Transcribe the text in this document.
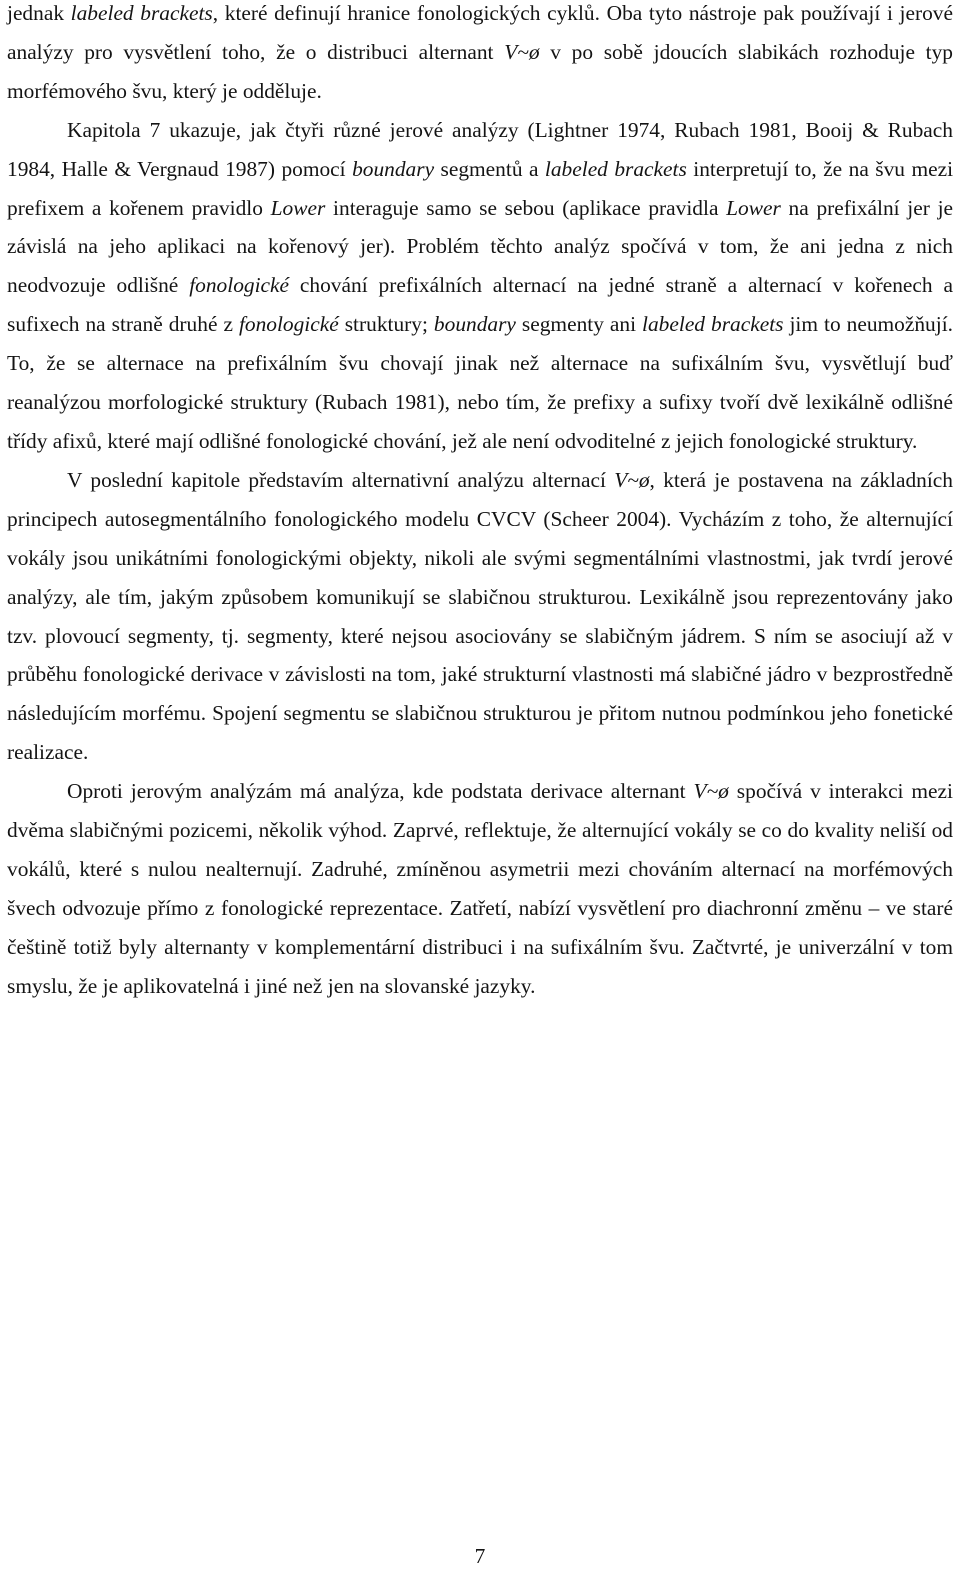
jednak labeled brackets, které definují hranice fonologických cyklů. Oba tyto nástroje pak používají i jerové analýzy pro vysvětlení toho, že o distribuci alternant V~ø v po sobě jdoucích slabikách rozhoduje typ morfémového švu, který je odděluje.

Kapitola 7 ukazuje, jak čtyři různé jerové analýzy (Lightner 1974, Rubach 1981, Booij & Rubach 1984, Halle & Vergnaud 1987) pomocí boundary segmentů a labeled brackets interpretují to, že na švu mezi prefixem a kořenem pravidlo Lower interaguje samo se sebou (aplikace pravidla Lower na prefixální jer je závislá na jeho aplikaci na kořenový jer). Problém těchto analýz spočívá v tom, že ani jedna z nich neodvozuje odlišné fonologické chování prefixálních alternací na jedné straně a alternací v kořenech a sufixech na straně druhé z fonologické struktury; boundary segmenty ani labeled brackets jim to neumožňují. To, že se alternace na prefixálním švu chovají jinak než alternace na sufixálním švu, vysvětlují buď reanalýzou morfologické struktury (Rubach 1981), nebo tím, že prefixy a sufixy tvoří dvě lexikálně odlišné třídy afixů, které mají odlišné fonologické chování, jež ale není odvoditelné z jejich fonologické struktury.

V poslední kapitole představím alternativní analýzu alternací V~ø, která je postavena na základních principech autosegmentálního fonologického modelu CVCV (Scheer 2004). Vycházím z toho, že alternující vokály jsou unikátními fonologickými objekty, nikoli ale svými segmentálními vlastnostmi, jak tvrdí jerové analýzy, ale tím, jakým způsobem komunikují se slabičnou strukturou. Lexikálně jsou reprezentovány jako tzv. plovoucí segmenty, tj. segmenty, které nejsou asociovány se slabičným jádrem. S ním se asociují až v průběhu fonologické derivace v závislosti na tom, jaké strukturní vlastnosti má slabičné jádro v bezprostředně následujícím morfému. Spojení segmentu se slabičnou strukturou je přitom nutnou podmínkou jeho fonetické realizace.

Oproti jerovým analýzám má analýza, kde podstata derivace alternant V~ø spočívá v interakci mezi dvěma slabičnými pozicemi, několik výhod. Zaprvé, reflektuje, že alternující vokály se co do kvality neliší od vokálů, které s nulou nealternují. Zadruhé, zmíněnou asymetrii mezi chováním alternací na morfémových švech odvozuje přímo z fonologické reprezentace. Zatřetí, nabízí vysvětlení pro diachronní změnu – ve staré češtině totiž byly alternanty v komplementární distribuci i na sufixálním švu. Začtvrté, je univerzální v tom smyslu, že je aplikovatelná i jiné než jen na slovanské jazyky.

7
